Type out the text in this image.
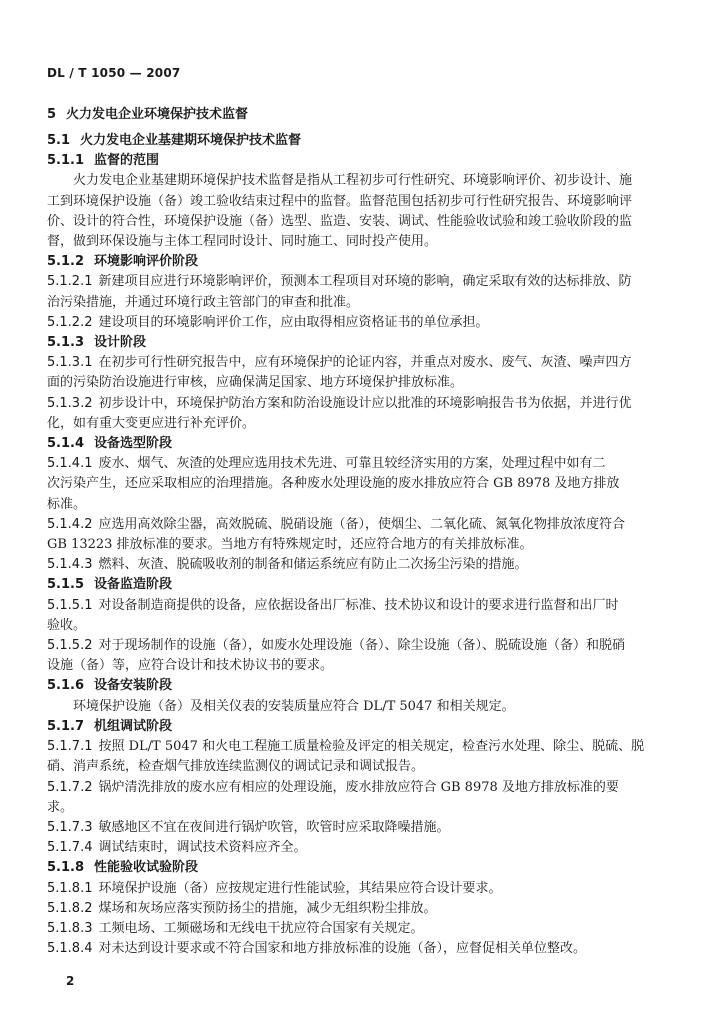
DL / T 1050 — 2007
5 火力发电企业环境保护技术监督
5.1 火力发电企业基建期环境保护技术监督
5.1.1 监督的范围
火力发电企业基建期环境保护技术监督是指从工程初步可行性研究、环境影响评价、初步设计、施
工到环境保护设施（备）竣工验收结束过程中的监督。监督范围包括初步可行性研究报告、环境影响评
价、设计的符合性，环境保护设施（备）选型、监造、安装、调试、性能验收试验和竣工验收阶段的监
督，做到环保设施与主体工程同时设计、同时施工、同时投产使用。
5.1.2 环境影响评价阶段
5.1.2.1 新建项目应进行环境影响评价，预测本工程项目对环境的影响，确定采取有效的达标排放、防
治污染措施，并通过环境行政主管部门的审查和批准。
5.1.2.2 建设项目的环境影响评价工作，应由取得相应资格证书的单位承担。
5.1.3 设计阶段
5.1.3.1 在初步可行性研究报告中，应有环境保护的论证内容，并重点对废水、废气、灰渣、噪声四方
面的污染防治设施进行审核，应确保满足国家、地方环境保护排放标准。
5.1.3.2 初步设计中，环境保护防治方案和防治设施设计应以批准的环境影响报告书为依据，并进行优
化，如有重大变更应进行补充评价。
5.1.4 设备选型阶段
5.1.4.1 废水、烟气、灰渣的处理应选用技术先进、可靠且较经济实用的方案，处理过程中如有二
次污染产生，还应采取相应的治理措施。各种废水处理设施的废水排放应符合 GB 8978 及地方排放
标准。
5.1.4.2 应选用高效除尘器，高效脱硫、脱硝设施（备），使烟尘、二氧化硫、氮氧化物排放浓度符合
GB 13223 排放标准的要求。当地方有特殊规定时，还应符合地方的有关排放标准。
5.1.4.3 燃料、灰渣、脱硫吸收剂的制备和储运系统应有防止二次扬尘污染的措施。
5.1.5 设备监造阶段
5.1.5.1 对设备制造商提供的设备，应依据设备出厂标准、技术协议和设计的要求进行监督和出厂时
验收。
5.1.5.2 对于现场制作的设施（备），如废水处理设施（备）、除尘设施（备）、脱硫设施（备）和脱硝
设施（备）等，应符合设计和技术协议书的要求。
5.1.6 设备安装阶段
环境保护设施（备）及相关仪表的安装质量应符合 DL/T 5047 和相关规定。
5.1.7 机组调试阶段
5.1.7.1 按照 DL/T 5047 和火电工程施工质量检验及评定的相关规定，检查污水处理、除尘、脱硫、脱
硝、消声系统，检查烟气排放连续监测仪的调试记录和调试报告。
5.1.7.2 锅炉清洗排放的废水应有相应的处理设施，废水排放应符合 GB 8978 及地方排放标准的要
求。
5.1.7.3 敏感地区不宜在夜间进行锅炉吹管，吹管时应采取降噪措施。
5.1.7.4 调试结束时，调试技术资料应齐全。
5.1.8 性能验收试验阶段
5.1.8.1 环境保护设施（备）应按规定进行性能试验，其结果应符合设计要求。
5.1.8.2 煤场和灰场应落实预防扬尘的措施，减少无组织粉尘排放。
5.1.8.3 工频电场、工频磁场和无线电干扰应符合国家有关规定。
5.1.8.4 对未达到设计要求或不符合国家和地方排放标准的设施（备），应督促相关单位整改。
2
